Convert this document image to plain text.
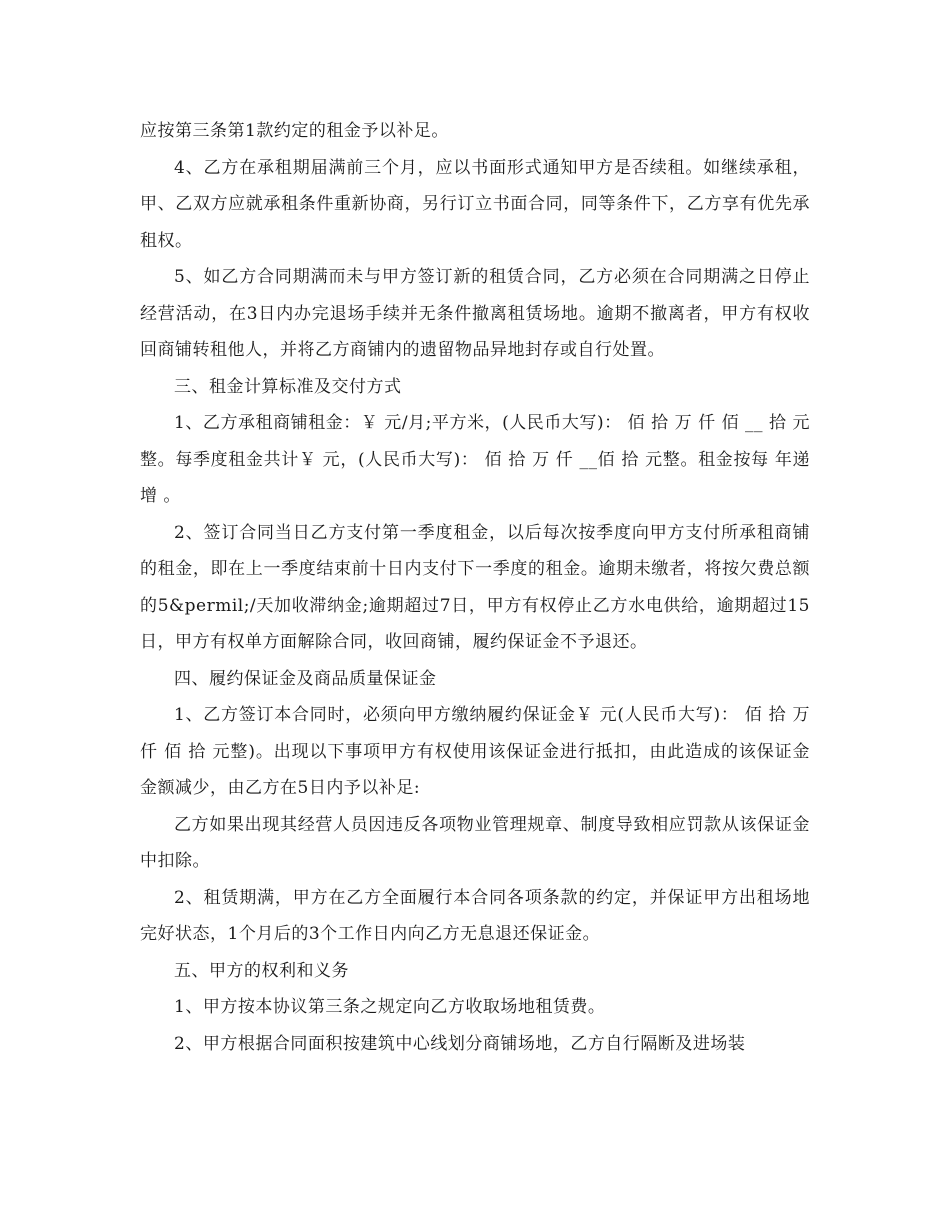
应按第三条第1款约定的租金予以补足。

4、乙方在承租期届满前三个月，应以书面形式通知甲方是否续租。如继续承租，甲、乙双方应就承租条件重新协商，另行订立书面合同，同等条件下，乙方享有优先承租权。

5、如乙方合同期满而未与甲方签订新的租赁合同，乙方必须在合同期满之日停止经营活动，在3日内办完退场手续并无条件撤离租赁场地。逾期不撤离者，甲方有权收回商铺转租他人，并将乙方商铺内的遗留物品异地封存或自行处置。

三、租金计算标准及交付方式

1、乙方承租商铺租金：￥ 元/月;平方米，(人民币大写)： 佰 拾 万 仟 佰 __ 拾 元整。每季度租金共计￥ 元，(人民币大写)： 佰 拾 万 仟 __佰 拾 元整。租金按每 年递增 。

2、签订合同当日乙方支付第一季度租金，以后每次按季度向甲方支付所承租商铺的租金，即在上一季度结束前十日内支付下一季度的租金。逾期未缴者，将按欠费总额的5&permil;/天加收滞纳金;逾期超过7日，甲方有权停止乙方水电供给，逾期超过15日，甲方有权单方面解除合同，收回商铺，履约保证金不予退还。

四、履约保证金及商品质量保证金

1、乙方签订本合同时，必须向甲方缴纳履约保证金￥ 元(人民币大写)： 佰 拾 万 仟 佰 拾 元整)。出现以下事项甲方有权使用该保证金进行抵扣，由此造成的该保证金金额减少，由乙方在5日内予以补足:

乙方如果出现其经营人员因违反各项物业管理规章、制度导致相应罚款从该保证金中扣除。

2、租赁期满，甲方在乙方全面履行本合同各项条款的约定，并保证甲方出租场地完好状态，1个月后的3个工作日内向乙方无息退还保证金。

五、甲方的权利和义务

1、甲方按本协议第三条之规定向乙方收取场地租赁费。

2、甲方根据合同面积按建筑中心线划分商铺场地，乙方自行隔断及进场装
